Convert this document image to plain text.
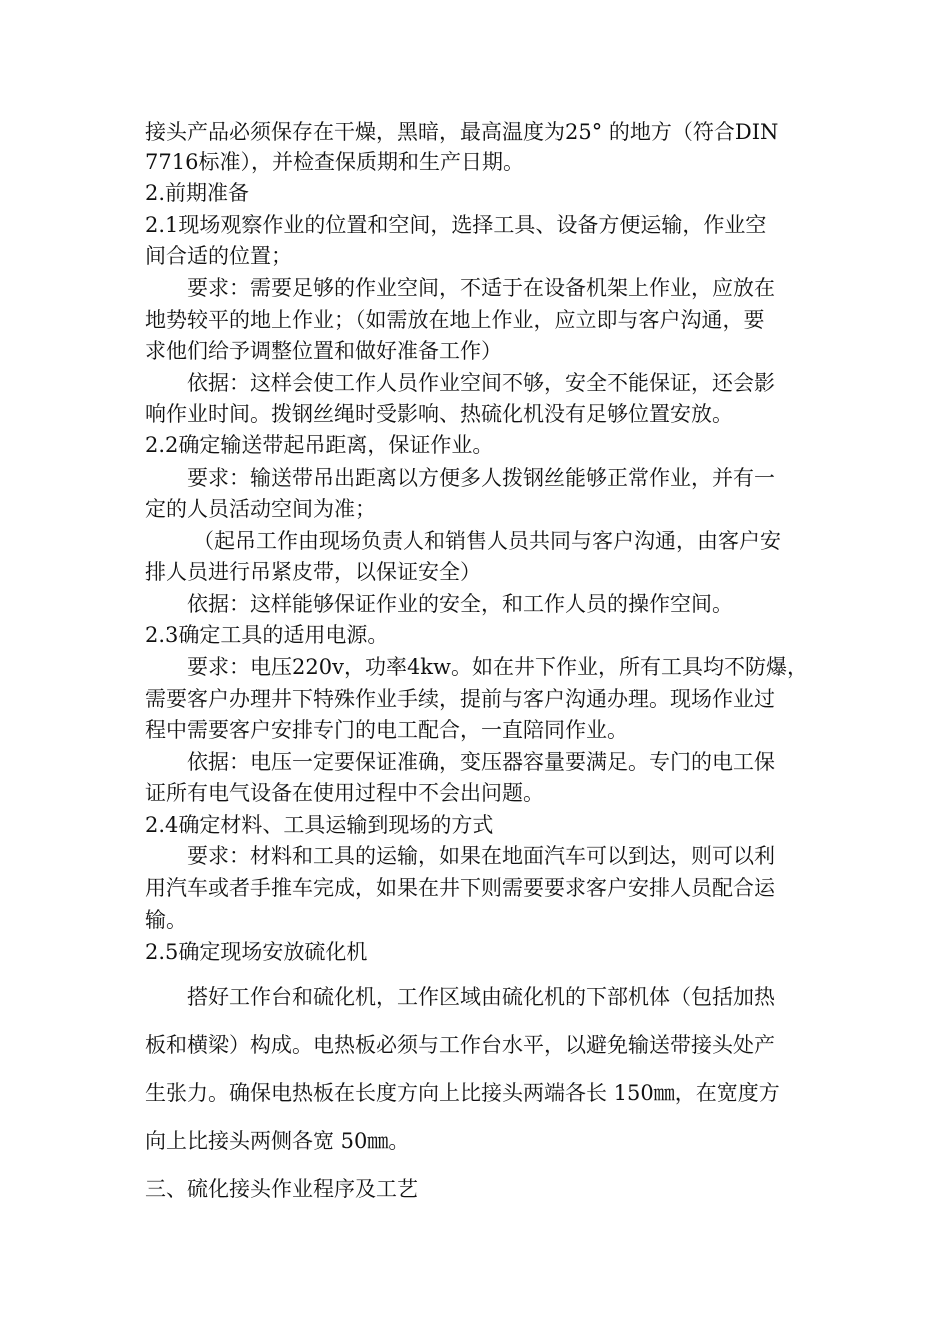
接头产品必须保存在干燥，黑暗，最高温度为25° 的地方（符合DIN
7716标准），并检查保质期和生产日期。
2.前期准备
2.1现场观察作业的位置和空间，选择工具、设备方便运输，作业空
间合适的位置；
要求：需要足够的作业空间，不适于在设备机架上作业，应放在
地势较平的地上作业；（如需放在地上作业，应立即与客户沟通，要
求他们给予调整位置和做好准备工作）
依据：这样会使工作人员作业空间不够，安全不能保证，还会影
响作业时间。拨钢丝绳时受影响、热硫化机没有足够位置安放。
2.2确定输送带起吊距离，保证作业。
要求：输送带吊出距离以方便多人拨钢丝能够正常作业，并有一
定的人员活动空间为准；
（起吊工作由现场负责人和销售人员共同与客户沟通，由客户安
排人员进行吊紧皮带，以保证安全）
依据：这样能够保证作业的安全，和工作人员的操作空间。
2.3确定工具的适用电源。
要求：电压220v，功率4kw。如在井下作业，所有工具均不防爆，
需要客户办理井下特殊作业手续，提前与客户沟通办理。现场作业过
程中需要客户安排专门的电工配合，一直陪同作业。
依据：电压一定要保证准确，变压器容量要满足。专门的电工保
证所有电气设备在使用过程中不会出问题。
2.4确定材料、工具运输到现场的方式
要求：材料和工具的运输，如果在地面汽车可以到达，则可以利
用汽车或者手推车完成，如果在井下则需要要求客户安排人员配合运
输。
2.5确定现场安放硫化机
搭好工作台和硫化机，工作区域由硫化机的下部机体（包括加热
板和横梁）构成。电热板必须与工作台水平，以避免输送带接头处产
生张力。确保电热板在长度方向上比接头两端各长 150㎜，在宽度方
向上比接头两侧各宽 50㎜。
三、硫化接头作业程序及工艺
